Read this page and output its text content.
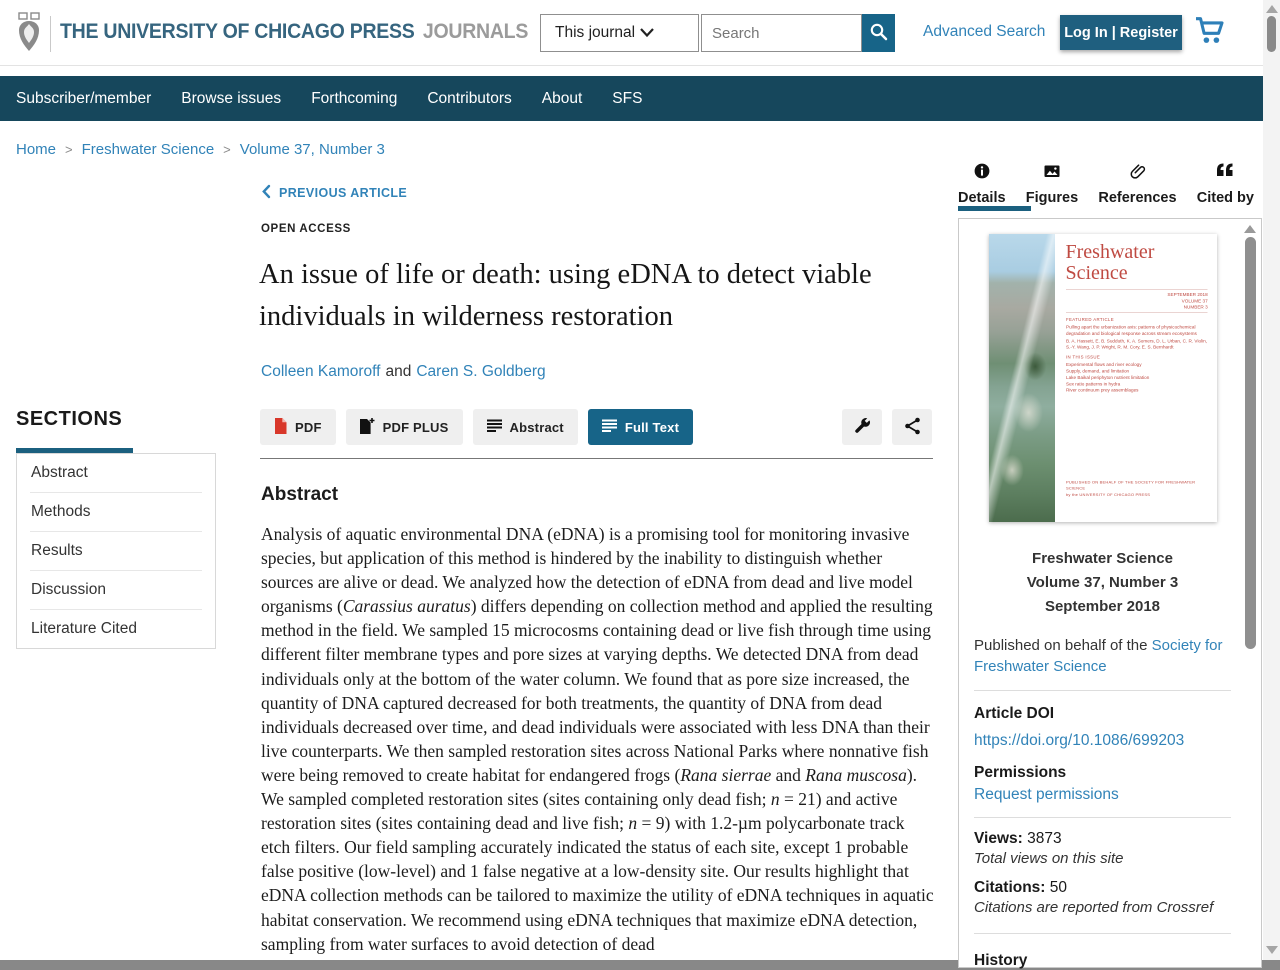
THE UNIVERSITY OF CHICAGO PRESS JOURNALS This journal
Search	Advanced Search Log In | Register
Subscriber/member Browse issues Forthcoming Contributors About SFS
Home > Freshwater Science > Volume 37, Number 3
SECTIONS
Abstract
Methods
Results
Discussion
Literature Cited
PREVIOUS ARTICLE
OPEN ACCESS
An issue of life or death: using eDNA to detect viable individuals in wilderness restoration
Colleen Kamoroff and Caren S. Goldberg
PDF	PDF PLUS	Abstract	Full Text
Abstract

Analysis of aquatic environmental DNA (eDNA) is a promising tool for monitoring invasive species, but application of this method is hindered by the inability to distinguish whether sources are alive or dead. We analyzed how the detection of eDNA from dead and live model organisms (Carassius auratus) differs depending on collection method and applied the resulting method in the field. We sampled 15 microcosms containing dead or live fish through time using different filter membrane types and pore sizes at varying depths. We detected DNA from dead individuals only at the bottom of the water column. We found that as pore size increased, the quantity of DNA captured decreased for both treatments, the quantity of DNA from dead individuals decreased over time, and dead individuals were associated with less DNA than their live counterparts. We then sampled restoration sites across National Parks where nonnative fish were being removed to create habitat for endangered frogs (Rana sierrae and Rana muscosa). We sampled completed restoration sites (sites containing only dead fish; n = 21) and active restoration sites (sites containing dead and live fish; n = 9) with 1.2-µm polycarbonate track etch filters. Our field sampling accurately indicated the status of each site, except 1 probable false positive (low-level) and 1 false negative at a low-density site. Our results highlight that eDNA collection methods can be tailored to maximize the utility of eDNA techniques in aquatic habitat conservation. We recommend using eDNA techniques that maximize eDNA detection, sampling from water surfaces to avoid detection of dead

Details Figures References Cited by
Freshwater
Science
SEPTEMBER 2018
VOLUME 37
NUMBER 3
FEATURED ARTICLE
Pulling apart the urbanization axis: patterns of physicochemical degradation and biological response across stream ecosystems
B. A. Hassett, E. B. Sudduth, K. A. Somers, D. L. Urban, C. R. Violin, S.-Y. Wang, J. P. Wright, R. M. Cory, E. S. Bernhardt
IN THIS ISSUE
Experimental flows and river ecology
Supply, demand, and limitation
Lake Baikal periphyton nutrient limitation
Sex ratio patterns in hydra
River continuum prey assemblages
PUBLISHED ON BEHALF OF THE SOCIETY FOR FRESHWATER SCIENCE
by the UNIVERSITY OF CHICAGO PRESS
Freshwater Science
Volume 37, Number 3
September 2018
Published on behalf of the Society for Freshwater Science
Article DOI
https://doi.org/10.1086/699203
Permissions
Request permissions
Views: 3873
Total views on this site
Citations: 50
Citations are reported from Crossref
History
